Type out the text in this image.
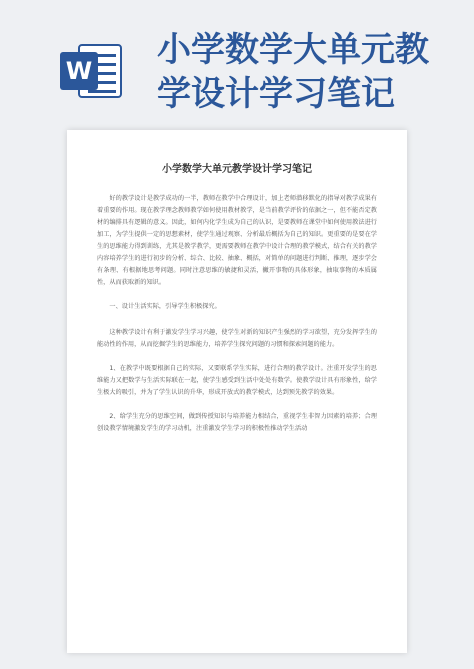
W
小学数学大单元教学设计学习笔记
小学数学大单元教学设计学习笔记

好的教学设计是教学成功的一半，教师在教学中合理设计，加上老师潜移默化的指导对教学成果有着重要的作用。现在教学理念教师教学如何使用教材教学，是当前教学评价的依据之一，但不能否定教材的编排具有逻辑的意义。因此，如何内化学生成为自己的认识，是要教师在课堂中如何使用教法进行加工，为学生提供一定的思想素材，使学生通过观察、分析最后概括为自己的知识。更重要的是要在学生的思维能力得到训练，尤其是教学教学，更需要教师在教学中设计合理的教学模式，结合有关的教学内容培养学生的进行初步的分析、综合、比较、抽象、概括，对简单的问题进行判断、推理，逐步学会有条理、有根据地思考问题。同时注意思维的敏捷和灵活，撇开事物的具体形象，抽取事物的本质属性，从而获取新的知识。

一、设计生活实际，引导学生积极探究。

这种教学设计有利于激发学生学习兴趣，使学生对新的知识产生强烈的学习欲望，充分发挥学生的能动性的作用，从而挖掘学生的思维能力，培养学生探究问题的习惯和探索问题的能力。

1、在教学中既要根据自己的实际，又要联系学生实际，进行合理的教学设计。注重开发学生的思维能力又把数学与生活实际联在一起，使学生感受到生活中处处有数学。使教学设计具有形象性，给学生极大的吸引，并为了学生认识的升华，形成开放式的教学模式，达到预先教学的效果。

2、给学生充分的思维空间，做到传授知识与培养能力相结合，重视学生非智力因素的培养；合理创设教学情境激发学生的学习动机，注重激发学生学习的积极性推动学生活动
